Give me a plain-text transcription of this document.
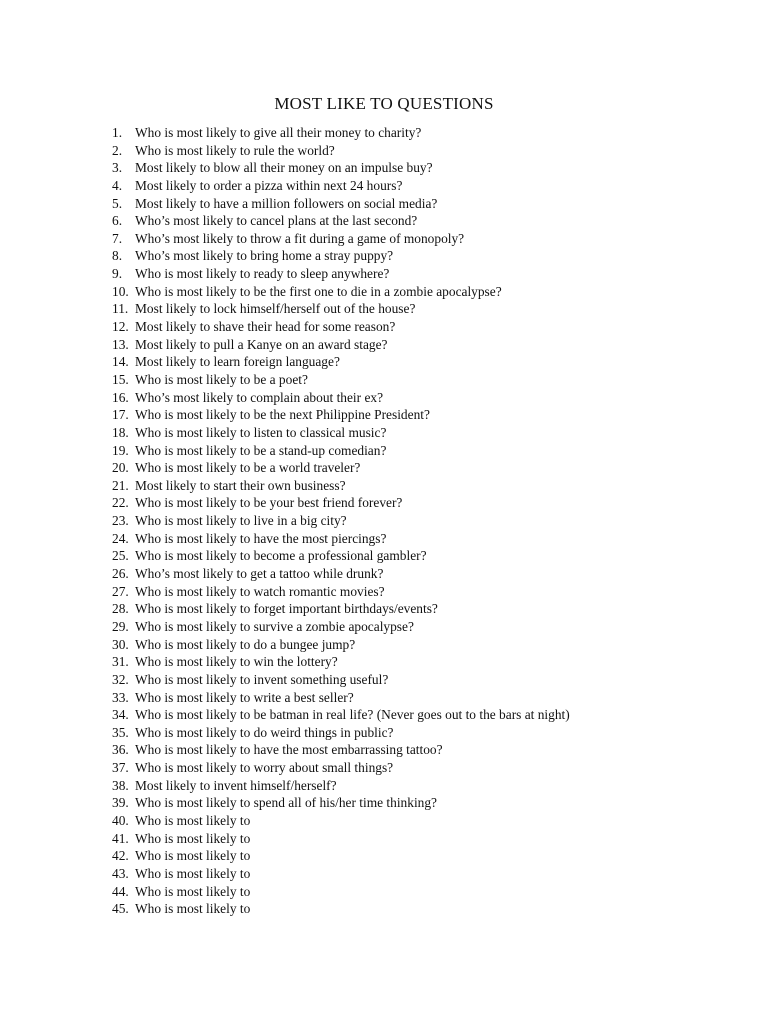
MOST LIKE TO QUESTIONS
1. Who is most likely to give all their money to charity?
2. Who is most likely to rule the world?
3. Most likely to blow all their money on an impulse buy?
4. Most likely to order a pizza within next 24 hours?
5. Most likely to have a million followers on social media?
6. Who’s most likely to cancel plans at the last second?
7. Who’s most likely to throw a fit during a game of monopoly?
8. Who’s most likely to bring home a stray puppy?
9. Who is most likely to ready to sleep anywhere?
10. Who is most likely to be the first one to die in a zombie apocalypse?
11. Most likely to lock himself/herself out of the house?
12. Most likely to shave their head for some reason?
13. Most likely to pull a Kanye on an award stage?
14. Most likely to learn foreign language?
15. Who is most likely to be a poet?
16. Who’s most likely to complain about their ex?
17. Who is most likely to be the next Philippine President?
18. Who is most likely to listen to classical music?
19. Who is most likely to be a stand-up comedian?
20. Who is most likely to be a world traveler?
21. Most likely to start their own business?
22. Who is most likely to be your best friend forever?
23. Who is most likely to live in a big city?
24. Who is most likely to have the most piercings?
25. Who is most likely to become a professional gambler?
26. Who’s most likely to get a tattoo while drunk?
27. Who is most likely to watch romantic movies?
28. Who is most likely to forget important birthdays/events?
29. Who is most likely to survive a zombie apocalypse?
30. Who is most likely to do a bungee jump?
31. Who is most likely to win the lottery?
32. Who is most likely to invent something useful?
33. Who is most likely to write a best seller?
34. Who is most likely to be batman in real life? (Never goes out to the bars at night)
35. Who is most likely to do weird things in public?
36. Who is most likely to have the most embarrassing tattoo?
37. Who is most likely to worry about small things?
38. Most likely to invent himself/herself?
39. Who is most likely to spend all of his/her time thinking?
40. Who is most likely to
41. Who is most likely to
42. Who is most likely to
43. Who is most likely to
44. Who is most likely to
45. Who is most likely to
